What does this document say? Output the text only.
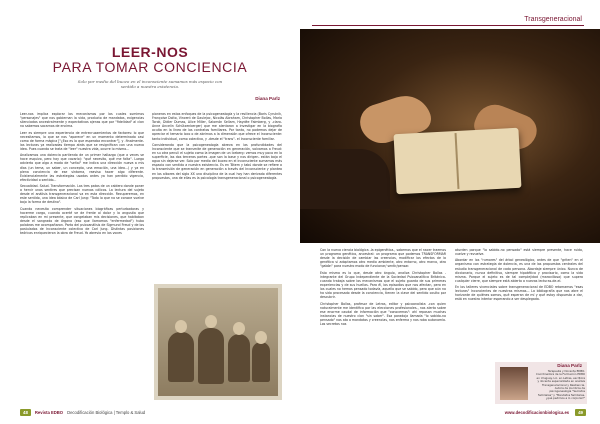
LEER-NOS
PARA TOMAR CONCIENCIA
Solo por medio del buceo en el inconsciente sumamos más espacio con sentido a nuestra existencia.
Diana Parlz

Leer-nos implica explorar los mecanismos por los cuales sumimos "personajes" que nos gobiernan la vida, producto de mandatos, exigencias silenciadas ancestralmente y expectativas ajenas que por "fidelidad" al clan no sabemos sacarnos de encima.

Leer es siempre una experiencia de entrecruzamientos de factores: lo que necesitamos, lo que se nos "aparece" en un momento determinado casi como de forma mágica ["¿Eso es lo que esperaba encontrar"], y -finalmente- las lecturas ya realizadas tiempo atrás que se resignifican con una nueva idea. Pues cuando se trata de "leer" nuestra vida, ocurre lo mismo...

Analizamos una dolencia partiendo de un primer hallazgo (que a veces se hace esquivo, pero hay que cazarlo): "qué necesito, qué me falta". Luego advierto que algo a modo de "señal" me indica una dirección nueva a mis días (un tema, un saber, un concepto, una emoción, una idea...) y ya en plena conciencia de ese síntoma, reaviso hacer algo diferente. Existencialmente las estrategias usadas antes ya han perdido vigencia, efectividad o sentido...

Sexualidad. Salud. Transformación. Las tres patas de un caldero donde poner a hervir unos sentires que precisan nuevos cálicos. La lectura del sujeto desde el análisis transgeneracional va en esta dirección. Recuperemos, en este sentido, una idea básica de Carl Jung: "Todo lo que no se conoce vuelve bajo la forma de destino".

Cuando necesito comprender situaciones biográficas perturbadoras y hacerme cargo, cuando acerté ve de frente al dolor y la angustia que replicaban en mi presente, que congelaban mis decisiones, que habitaban desde el sangrado de órgano (eso que llamamos "enfermedad") hubo palabras me acompañaron. Parto del psicoanálisis de Sigmund Freud y de los postulados de Inconsciente colectivo de Carl Jung. Distintas posiciones teóricas enriquecieron la obra de Freud. Yo abrevio en las voces

pioneras en estos enfoques de la psicogenealogía y la resiliencia (Boris Cyrulnik, Françoise Dolto, Vincent de Gaulejac, Nicolás Abraham, Christopher Bollas, María Torok, Didier Dumas, Alice Miller, Salomón Sellam, Haydée Faimberg, y -claro- Anne Ancelin Schützenberger) que me alentaron a investigar en la biografía oculta en la línea de los contratos familiares. Por tanto, no podemos dejar de apreciar el temario loco o de abrirnos a la dimensión que ofrece el Inconsciente: tanto individual, como colectivo, y -desde el "trans"- el Inconsciente familiar.

Considerando que la psicogenealogía abreva en las profundidades del Inconsciente que se transmite de generación en generación, volvamos a Freud: en su otra penuli el sujeto como la imagen de un Iceberg: vemos muy poco en la superficie, las dos terceras partes -que son la base y nos dirigen- están bajo el agua sin dejarse ver. Solo por medio del buceo en el inconsciente sumamos más espacio con sentido a nuestra existencia. Es en Tótem y tabú donde se refiere a la transmisión de generación en generación a través del Inconsciente y plantea en los albores del siglo XX una disciplina de la cual hoy han derivado diferentes propuestas, una de ellas es la psicología transgeneracional o psicogenealogía.

48	Revista EDBO Decodificación Biológica | Templo & Salud
Transgeneracional

Con la nueva ciencia biológica -la epigenética-, sabemos que el nacer traemos un programa genético, ancestral: un programa que podemos TRANSFORMAR desde la decisión de cambiar las creencias, modificar los efectos de la genética si adoptamos otro medio ambiente, otro entorno, otro marco, otro "gabón" para nuestro modo de funcionar/ sentir/pensar.

Esto mismo es lo que, desde otro ángulo, analiza Christopher Bollas -integrante del Grupo Independiente de la Sociedad Psicoanalítica Británica- cuando trabaja sobre los mecanismos que el sujeto guarda de sus primeras experiencias y de sus huellas. Para él, los episodios que nos afectan, pero en los cuales no hemos pensado todavía, aquello que se sabido, pero que aún no ha sido procesado desde la conciencia, tienen la clave del sentido oculto por descubrir.

Christopher Bollas, profesor de Letras, editor y psicoanalista -con quien naturalmente me identifico por las elecciones profesionales-, nos alerta sobre ese enorme caudal de información que "conocemos": ahí reposan muchas instancias de nuestro clan "sin saber". Esa paradoja llamada "lo sabido-no pensado" nos ata a mandatos y creencias, nos enferma y nos roba autonomía. Los secretos nos

aturden porque "lo sabido-no pensado" está siempre presente, hace ruido, vuelve y revuelve.

Abordar en los "rumores" del árbol genealógico, antes de que "griten" en el organismo con estrategia de dolencia, es una de las propuestas centrales del estudio transgeneracional de cada persona. Abordaje siempre único. Nunca de diccionario, nunca definitivo, siempre hipotético y provisorio, como la vida misma. Porque el sujeto es de tal complejidad (maravillosa) que supera cualquier cierre, que siempre está abierto a nuevas lecturas-de-el.

En los talleres vivenciales sobre transgeneracional de EDBO retomamos "esas lecturas" Inconcientes de nuestras mismas... La bibliografía que nos abre el horizonte de quiénes somos, qué esperan de mí y qué estoy dispuesto a dar, está en nuestro interior esperando a ser desplegada.

Diana Parlz
Terapeuta y Docente EDBO. Coordinadora de la Formación EDBO en Uruguay. Lic. en Letras, escritora y docente especializada en análisis Transgeneracional y Resiliencia. Autora de los libros de psicogenealogía "Secretos familiares" y "Mandatos familiares, ¿qué pedimos a lo corporal?"
www.decodificacionbiologica.es	49
